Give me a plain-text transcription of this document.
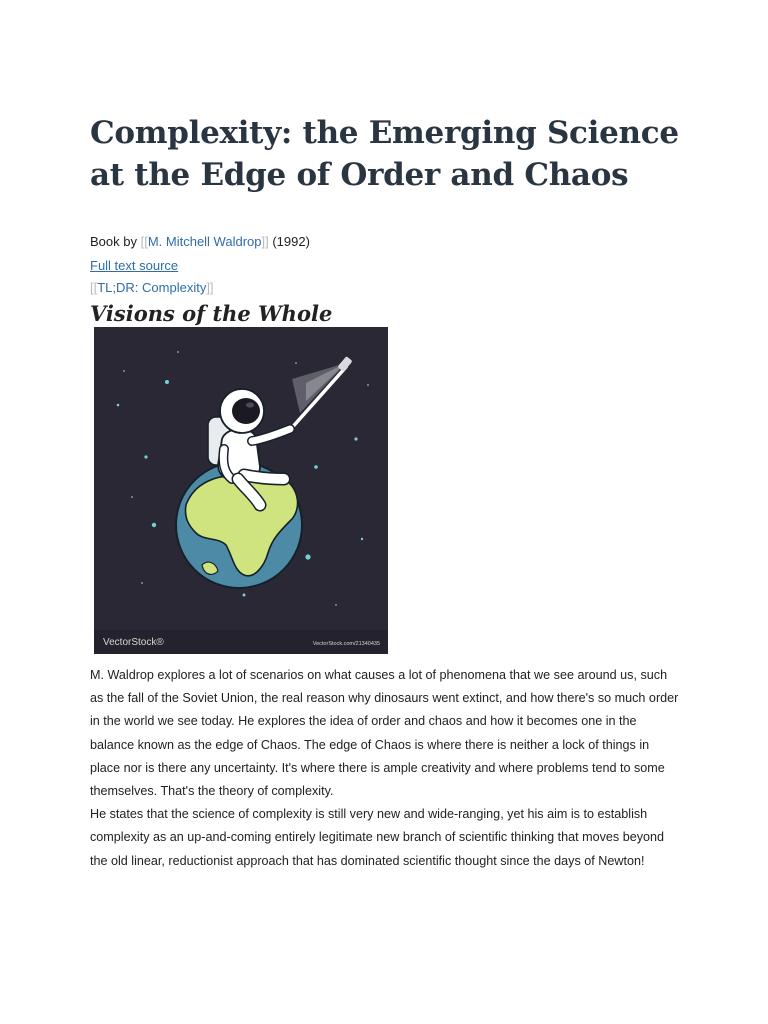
Complexity: the Emerging Science at the Edge of Order and Chaos
Book by [[M. Mitchell Waldrop]] (1992)
Full text source
[[TL;DR: Complexity]]
Visions of the Whole
VectorStock®	VectorStock.com/21340435

M. Waldrop explores a lot of scenarios on what causes a lot of phenomena that we see around us, such as the fall of the Soviet Union, the real reason why dinosaurs went extinct, and how there's so much order in the world we see today. He explores the idea of order and chaos and how it becomes one in the balance known as the edge of Chaos. The edge of Chaos is where there is neither a lock of things in place nor is there any uncertainty. It's where there is ample creativity and where problems tend to some themselves. That's the theory of complexity.

He states that the science of complexity is still very new and wide-ranging, yet his aim is to establish complexity as an up-and-coming entirely legitimate new branch of scientific thinking that moves beyond the old linear, reductionist approach that has dominated scientific thought since the days of Newton!
